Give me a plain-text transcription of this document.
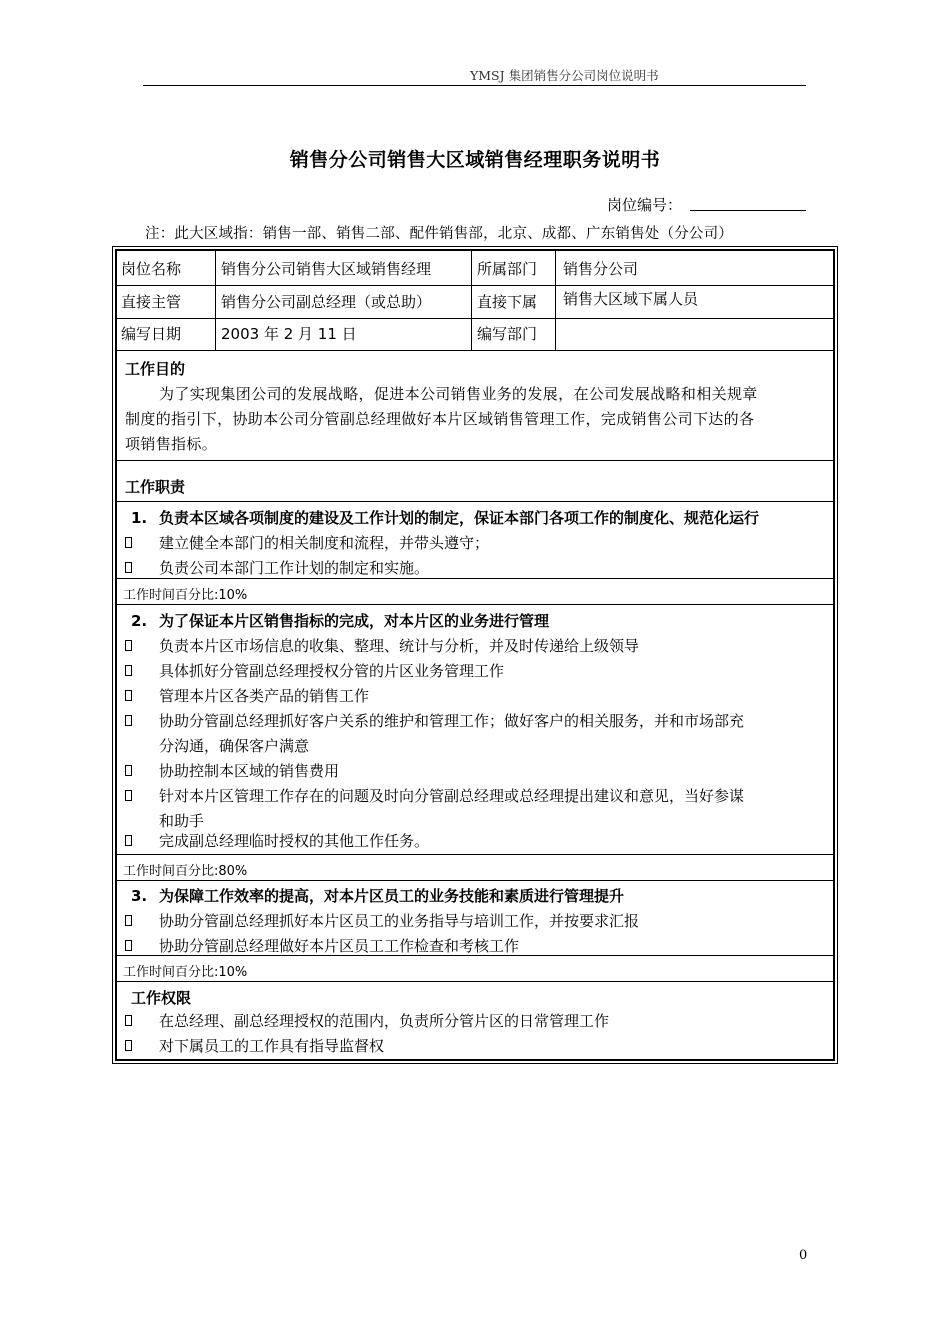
YMSJ 集团销售分公司岗位说明书
销售分公司销售大区域销售经理职务说明书
岗位编号：
注：此大区域指：销售一部、销售二部、配件销售部，北京、成都、广东销售处（分公司）
岗位名称	销售分公司销售大区域销售经理	所属部门 销售分公司
直接主管	销售分公司副总经理（或总助）	直接下属 销售大区域下属人员
编写日期	2003 年 2 月 11 日	编写部门
工作目的
为了实现集团公司的发展战略，促进本公司销售业务的发展，在公司发展战略和相关规章
制度的指引下，协助本公司分管副总经理做好本片区域销售管理工作，完成销售公司下达的各
项销售指标。
工作职责
1. 负责本区域各项制度的建设及工作计划的制定，保证本部门各项工作的制度化、规范化运行
建立健全本部门的相关制度和流程，并带头遵守；
负责公司本部门工作计划的制定和实施。
工作时间百分比:10%
2. 为了保证本片区销售指标的完成，对本片区的业务进行管理
负责本片区市场信息的收集、整理、统计与分析，并及时传递给上级领导
具体抓好分管副总经理授权分管的片区业务管理工作
管理本片区各类产品的销售工作
协助分管副总经理抓好客户关系的维护和管理工作；做好客户的相关服务，并和市场部充
分沟通，确保客户满意
协助控制本区域的销售费用
针对本片区管理工作存在的问题及时向分管副总经理或总经理提出建议和意见，当好参谋
和助手
完成副总经理临时授权的其他工作任务。
工作时间百分比:80%
3. 为保障工作效率的提高，对本片区员工的业务技能和素质进行管理提升
协助分管副总经理抓好本片区员工的业务指导与培训工作，并按要求汇报
协助分管副总经理做好本片区员工工作检查和考核工作
工作时间百分比:10%
工作权限
在总经理、副总经理授权的范围内，负责所分管片区的日常管理工作
对下属员工的工作具有指导监督权
0
